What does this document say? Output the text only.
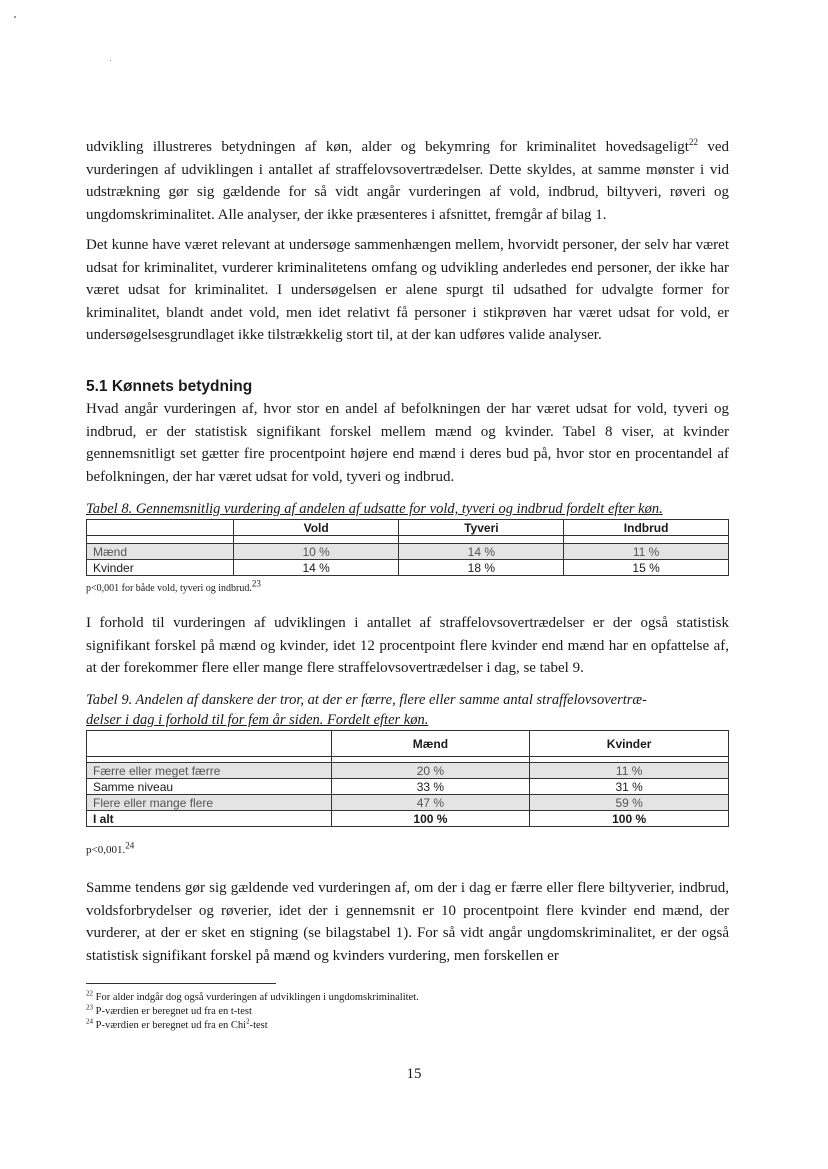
udvikling illustreres betydningen af køn, alder og bekymring for kriminalitet hovedsageligt$^{22}$ ved vurderingen af udviklingen i antallet af straffelovsovertrædelser. Dette skyldes, at samme mønster i vid udstrækning gør sig gældende for så vidt angår vurderingen af vold, indbrud, biltyveri, røveri og ungdomskriminalitet. Alle analyser, der ikke præsenteres i afsnittet, fremgår af bilag 1.

Det kunne have været relevant at undersøge sammenhængen mellem, hvorvidt personer, der selv har været udsat for kriminalitet, vurderer kriminalitetens omfang og udvikling anderledes end personer, der ikke har været udsat for kriminalitet. I undersøgelsen er alene spurgt til udsathed for udvalgte former for kriminalitet, blandt andet vold, men idet relativt få personer i stikprøven har været udsat for vold, er undersøgelsesgrundlaget ikke tilstrækkelig stort til, at der kan udføres valide analyser.

5.1 Kønnets betydning

Hvad angår vurderingen af, hvor stor en andel af befolkningen der har været udsat for vold, tyveri og indbrud, er der statistisk signifikant forskel mellem mænd og kvinder. Tabel 8 viser, at kvinder gennemsnitligt set gætter fire procentpoint højere end mænd i deres bud på, hvor stor en procentandel af befolkningen, der har været udsat for vold, tyveri og indbrud.

Tabel 8. Gennemsnitlig vurdering af andelen af udsatte for vold, tyveri og indbrud fordelt efter køn.

	Vold	Tyveri	Indbrud

Mænd	10 %	14 %	11 %
Kvinder	14 %	18 %	15 %

p<0,001 for både vold, tyveri og indbrud.$^{23}$

I forhold til vurderingen af udviklingen i antallet af straffelovsovertrædelser er der også statistisk signifikant forskel på mænd og kvinder, idet 12 procentpoint flere kvinder end mænd har en opfattelse af, at der forekommer flere eller mange flere straffelovsovertrædelser i dag, se tabel 9.

Tabel 9. Andelen af danskere der tror, at der er færre, flere eller samme antal straffelovsovertræ-
delser i dag i forhold til for fem år siden. Fordelt efter køn.

	Mænd	Kvinder

Færre eller meget færre	20 %	11 %
Samme niveau	33 %	31 %
Flere eller mange flere	47 %	59 %
I alt	100 %	100 %

p<0,001.24

Samme tendens gør sig gældende ved vurderingen af, om der i dag er færre eller flere biltyverier, indbrud, voldsforbrydelser og røverier, idet der i gennemsnit er 10 procentpoint flere kvinder end mænd, der vurderer, at der er sket en stigning (se bilagstabel 1). For så vidt angår ungdomskriminalitet, er der også statistisk signifikant forskel på mænd og kvinders vurdering, men forskellen er

$^{22}$ For alder indgår dog også vurderingen af udviklingen i ungdomskriminalitet.

$^{23}$ P-værdien er beregnet ud fra en t-test

$^{24}$ P-værdien er beregnet ud fra en Chi$^2$-test

15
